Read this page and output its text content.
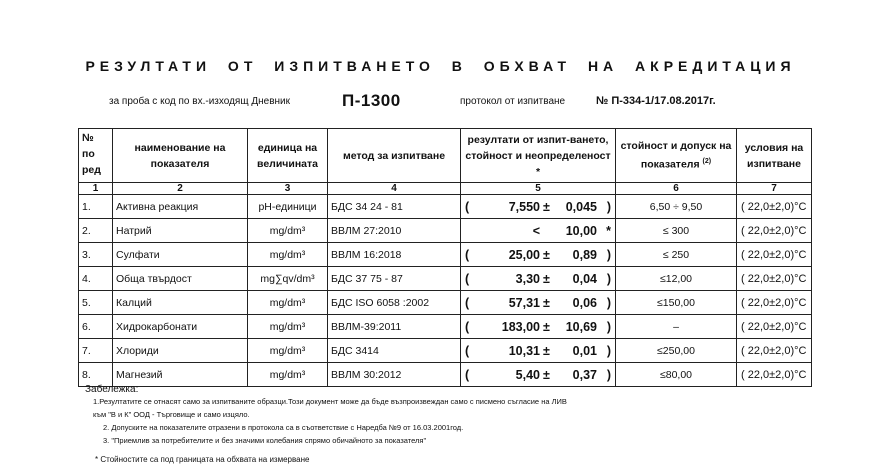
РЕЗУЛТАТИ ОТ ИЗПИТВАНЕТО В ОБХВАТ НА АКРЕДИТАЦИЯ
за проба с код по вх.-изходящ Дневник	П-1300	протокол от изпитване	№ П-334-1/17.08.2017г.
№ по ред	наименование на показателя	единица на величината	метод за изпитване	резултати от изпит-ването, стойност и неопределеност *	стойност и допуск на показателя $^{(2)}$	условия на изпитване
1	2	3	4	5	6	7
1.	Активна реакция	pH-единици	БДС 34 24 - 81	( 7,550 ± 0,045 )	6,50 ÷ 9,50	( 22,0±2,0)°С
2.	Натрий	mg/dm³	ВВЛМ 27:2010	< 10,00 *	≤ 300	( 22,0±2,0)°С
3.	Сулфати	mg/dm³	ВВЛМ 16:2018	( 25,00 ± 0,89 )	≤ 250	( 22,0±2,0)°С
4.	Обща твърдост	mg∑qv/dm³	БДС 37 75 - 87	( 3,30 ± 0,04 )	≤12,00	( 22,0±2,0)°С
5.	Калций	mg/dm³	БДС ISO 6058 :2002	( 57,31 ± 0,06 )	≤150,00	( 22,0±2,0)°С
6.	Хидрокарбонати	mg/dm³	ВВЛМ-39:2011	( 183,00 ± 10,69 )	–	( 22,0±2,0)°С
7.	Хлориди	mg/dm³	БДС 3414	( 10,31 ± 0,01 )	≤250,00	( 22,0±2,0)°С
8.	Магнезий	mg/dm³	ВВЛМ 30:2012	( 5,40 ± 0,37 )	≤80,00	( 22,0±2,0)°С
Забележка:
1.Резултатите се отнасят само за изпитваните образци.Този документ може да бъде възпроизвеждан само с писмено съгласие на ЛИВ
към "В и К" ООД - Търговище и само изцяло.
2. Допуските на показателите отразени в протокола са в съответствие с Наредба №9 от 16.03.2001год.
3. "Приемлив за потребителите и без значими колебания спрямо обичайното за показателя"
* Стойностите са под границата на обхвата на измерване
